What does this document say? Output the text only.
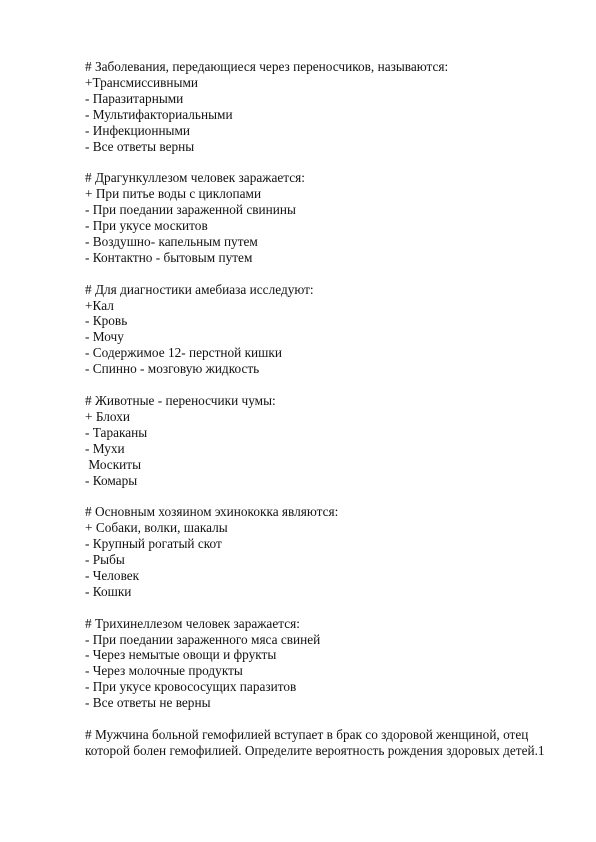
# Заболевания, передающиеся через переносчиков, называются:
+Трансмиссивными
- Паразитарными
- Мультифакториальными
- Инфекционными
- Все ответы верны
# Драгункуллезом человек заражается:
+ При питье воды с циклопами
- При поедании зараженной свинины
- При укусе москитов
- Воздушно- капельным путем
- Контактно - бытовым путем
# Для диагностики амебиаза исследуют:
+Кал
- Кровь
- Мочу
- Содержимое 12- перстной кишки
- Спинно - мозговую жидкость
# Животные - переносчики чумы:
+ Блохи
- Тараканы
- Мухи
Москиты
- Комары
# Основным хозяином эхинококка являются:
+ Собаки, волки, шакалы
- Крупный рогатый скот
- Рыбы
- Человек
- Кошки
# Трихинеллезом человек заражается:
- При поедании зараженного мяса свиней
- Через немытые овощи и фрукты
- Через молочные продукты
- При укусе кровососущих паразитов
- Все ответы не верны
# Мужчина больной гемофилией вступает в брак со здоровой женщиной, отец которой болен гемофилией. Определите вероятность рождения здоровых детей.1
